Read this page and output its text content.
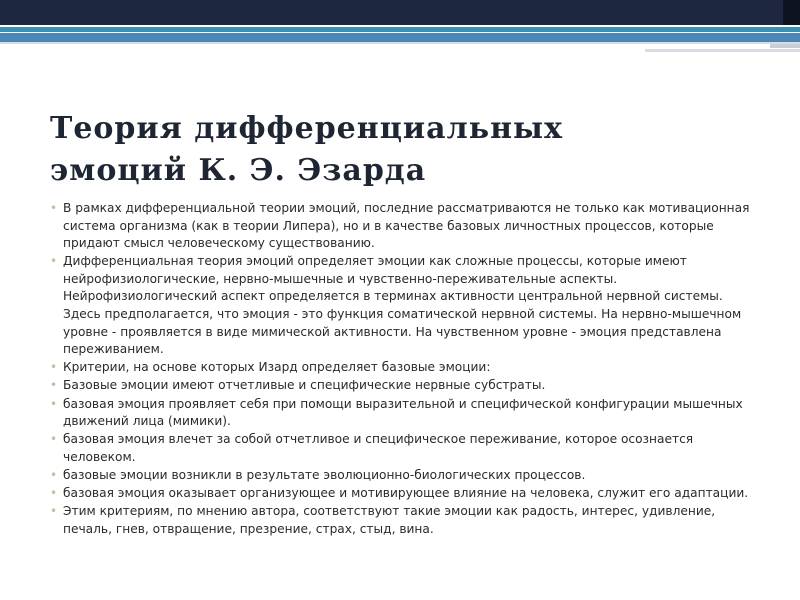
Теория дифференциальных
эмоций К. Э. Эзарда
• В рамках дифференциальной теории эмоций, последние рассматриваются не только как мотивационная система организма (как в теории Липера), но и в качестве базовых личностных процессов, которые придают смысл человеческому существованию.
• Дифференциальная теория эмоций определяет эмоции как сложные процессы, которые имеют нейрофизиологические, нервно-мышечные и чувственно-переживательные аспекты. Нейрофизиологический аспект определяется в терминах активности центральной нервной системы. Здесь предполагается, что эмоция - это функция соматической нервной системы. На нервно-мышечном уровне - проявляется в виде мимической активности. На чувственном уровне - эмоция представлена переживанием.
• Критерии, на основе которых Изард определяет базовые эмоции:
• Базовые эмоции имеют отчетливые и специфические нервные субстраты.
• базовая эмоция проявляет себя при помощи выразительной и специфической конфигурации мышечных движений лица (мимики).
• базовая эмоция влечет за собой отчетливое и специфическое переживание, которое осознается человеком.
• базовые эмоции возникли в результате эволюционно-биологических процессов.
• базовая эмоция оказывает организующее и мотивирующее влияние на человека, служит его адаптации.
• Этим критериям, по мнению автора, соответствуют такие эмоции как радость, интерес, удивление, печаль, гнев, отвращение, презрение, страх, стыд, вина.
